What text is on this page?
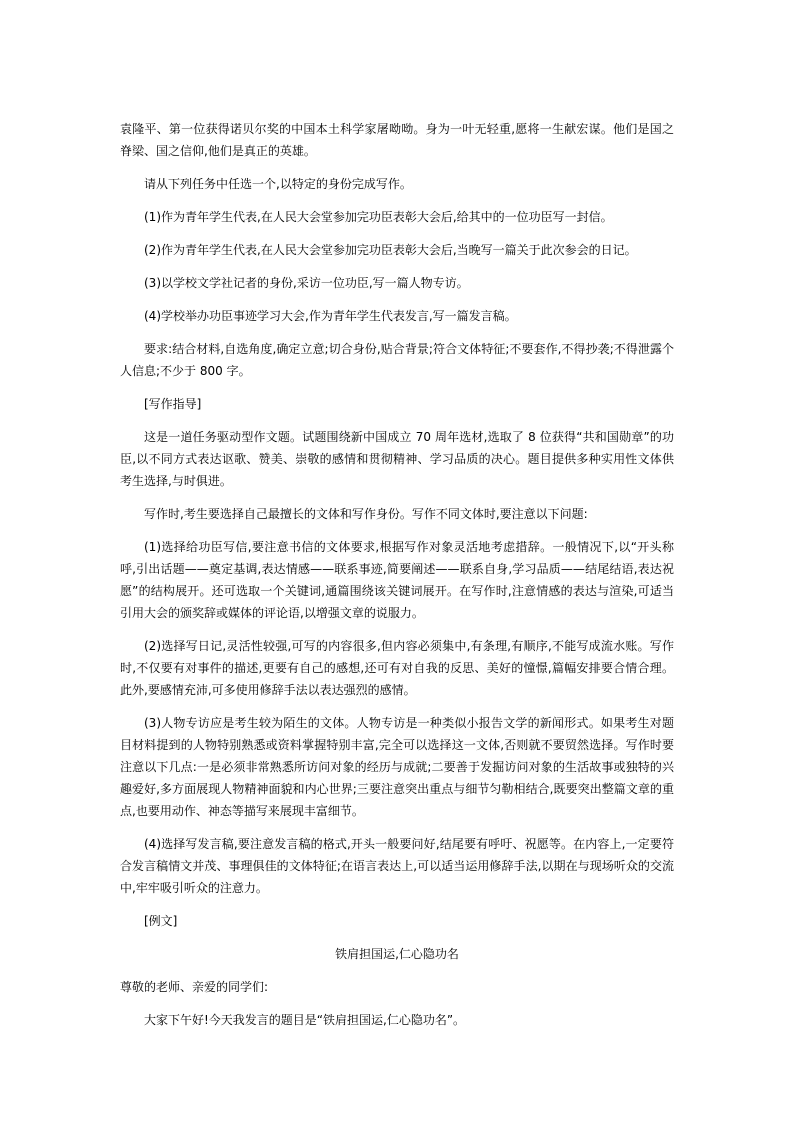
袁隆平、第一位获得诺贝尔奖的中国本土科学家屠呦呦。身为一叶无轻重,愿将一生献宏谋。他们是国之脊梁、国之信仰,他们是真正的英雄。

请从下列任务中任选一个,以特定的身份完成写作。

(1)作为青年学生代表,在人民大会堂参加完功臣表彰大会后,给其中的一位功臣写一封信。

(2)作为青年学生代表,在人民大会堂参加完功臣表彰大会后,当晚写一篇关于此次参会的日记。

(3)以学校文学社记者的身份,采访一位功臣,写一篇人物专访。

(4)学校举办功臣事迹学习大会,作为青年学生代表发言,写一篇发言稿。

要求:结合材料,自选角度,确定立意;切合身份,贴合背景;符合文体特征;不要套作,不得抄袭;不得泄露个人信息;不少于 800 字。

[写作指导]

这是一道任务驱动型作文题。试题围绕新中国成立 70 周年选材,选取了 8 位获得“共和国勋章”的功臣,以不同方式表达讴歌、赞美、崇敬的感情和贯彻精神、学习品质的决心。题目提供多种实用性文体供考生选择,与时俱进。

写作时,考生要选择自己最擅长的文体和写作身份。写作不同文体时,要注意以下问题:

(1)选择给功臣写信,要注意书信的文体要求,根据写作对象灵活地考虑措辞。一般情况下,以“开头称呼,引出话题——奠定基调,表达情感——联系事迹,简要阐述——联系自身,学习品质——结尾结语,表达祝愿”的结构展开。还可选取一个关键词,通篇围绕该关键词展开。在写作时,注意情感的表达与渲染,可适当引用大会的颁奖辞或媒体的评论语,以增强文章的说服力。

(2)选择写日记,灵活性较强,可写的内容很多,但内容必须集中,有条理,有顺序,不能写成流水账。写作时,不仅要有对事件的描述,更要有自己的感想,还可有对自我的反思、美好的憧憬,篇幅安排要合情合理。此外,要感情充沛,可多使用修辞手法以表达强烈的感情。

(3)人物专访应是考生较为陌生的文体。人物专访是一种类似小报告文学的新闻形式。如果考生对题目材料提到的人物特别熟悉或资料掌握特别丰富,完全可以选择这一文体,否则就不要贸然选择。写作时要注意以下几点:一是必须非常熟悉所访问对象的经历与成就;二要善于发掘访问对象的生活故事或独特的兴趣爱好,多方面展现人物精神面貌和内心世界;三要注意突出重点与细节匀勒相结合,既要突出整篇文章的重点,也要用动作、神态等描写来展现丰富细节。

(4)选择写发言稿,要注意发言稿的格式,开头一般要问好,结尾要有呼吁、祝愿等。在内容上,一定要符合发言稿情文并茂、事理俱佳的文体特征;在语言表达上,可以适当运用修辞手法,以期在与现场听众的交流中,牢牢吸引听众的注意力。

[例文]

铁肩担国运,仁心隐功名

尊敬的老师、亲爱的同学们:

大家下午好!今天我发言的题目是“铁肩担国运,仁心隐功名”。
